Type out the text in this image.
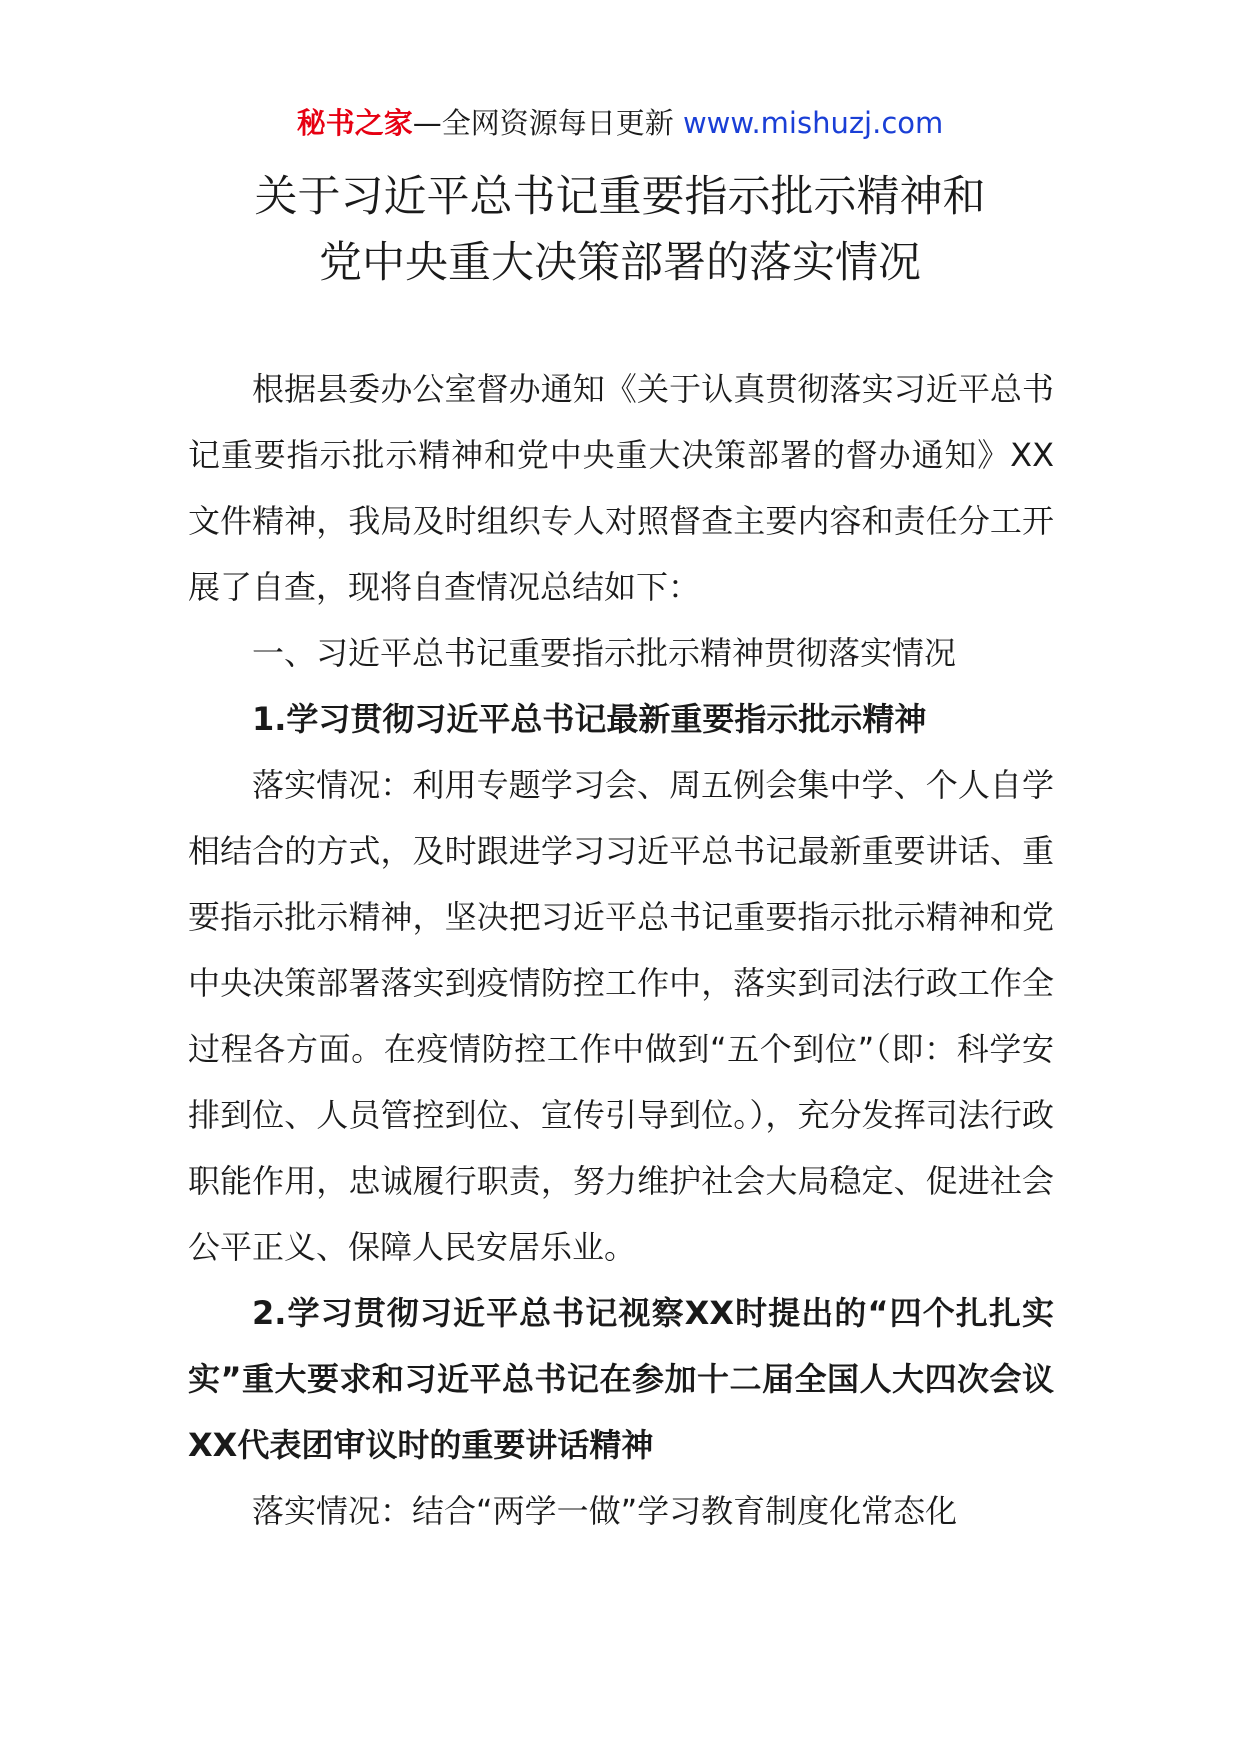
秘书之家—全网资源每日更新 www.mishuzj.com
关于习近平总书记重要指示批示精神和
党中央重大决策部署的落实情况

根据县委办公室督办通知《关于认真贯彻落实习近平总书记重要指示批示精神和党中央重大决策部署的督办通知》XX文件精神，我局及时组织专人对照督查主要内容和责任分工开展了自查，现将自查情况总结如下：

一、习近平总书记重要指示批示精神贯彻落实情况

1.学习贯彻习近平总书记最新重要指示批示精神

落实情况：利用专题学习会、周五例会集中学、个人自学相结合的方式，及时跟进学习习近平总书记最新重要讲话、重要指示批示精神，坚决把习近平总书记重要指示批示精神和党中央决策部署落实到疫情防控工作中，落实到司法行政工作全过程各方面。在疫情防控工作中做到“五个到位”（即：科学安排到位、人员管控到位、宣传引导到位。），充分发挥司法行政职能作用，忠诚履行职责，努力维护社会大局稳定、促进社会公平正义、保障人民安居乐业。

2.学习贯彻习近平总书记视察XX时提出的“四个扎扎实实”重大要求和习近平总书记在参加十二届全国人大四次会议XX代表团审议时的重要讲话精神

落实情况：结合“两学一做”学习教育制度化常态化
